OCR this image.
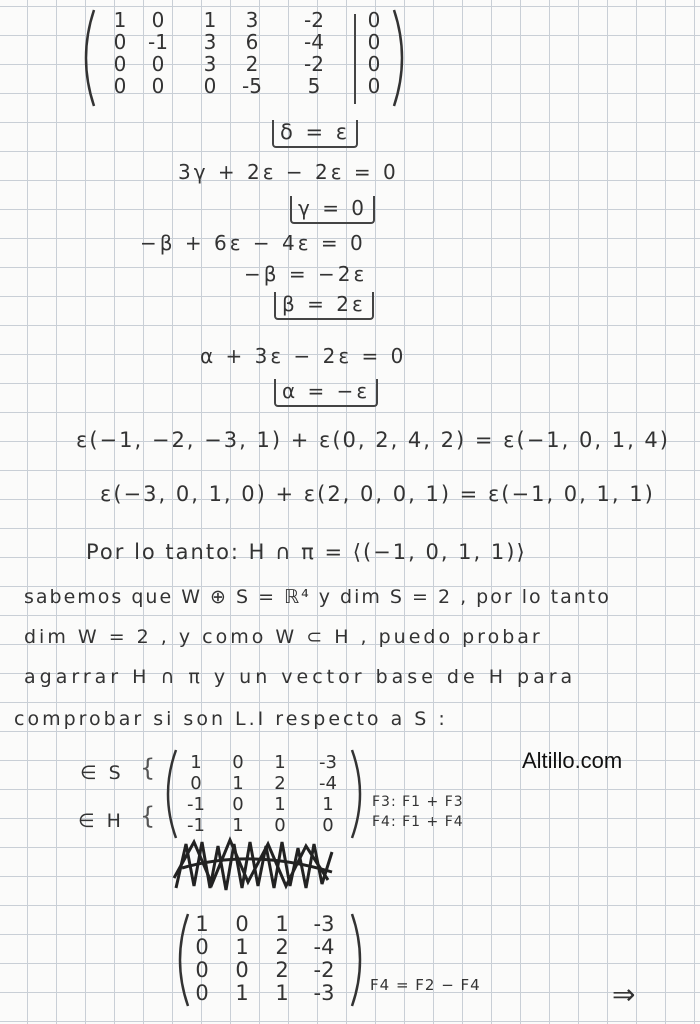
1	0	1	3	-2	0
0	-1	3	6	-4	0
0	0	3	2	-2	0
0	0	0	-5	5	0
δ = ε
3γ + 2ε − 2ε = 0
γ = 0
−β + 6ε − 4ε = 0
−β = −2ε
β = 2ε
α + 3ε − 2ε = 0
α = −ε
ε(−1, −2, −3, 1) + ε(0, 2, 4, 2) = ε(−1, 0, 1, 4)
ε(−3, 0, 1, 0) + ε(2, 0, 0, 1) = ε(−1, 0, 1, 1)
Por lo tanto: H ∩ π = ⟨(−1, 0, 1, 1)⟩
sabemos que W ⊕ S = ℝ⁴ y dim S = 2 , por lo tanto
dim W = 2 , y como W ⊂ H , puedo probar
agarrar H ∩ π y un vector base de H para
comprobar si son L.I respecto a S :
Altillo.com
∈ S {
∈ H {
1	0	1	-3
0	1	2	-4
-1	0	1	1
-1	1	0	0
F3: F1 + F3
F4: F1 + F4
1	0	1	-3
0	1	2	-4
0	0	2	-2
0	1	1	-3	F4 = F2 − F4	⇒
